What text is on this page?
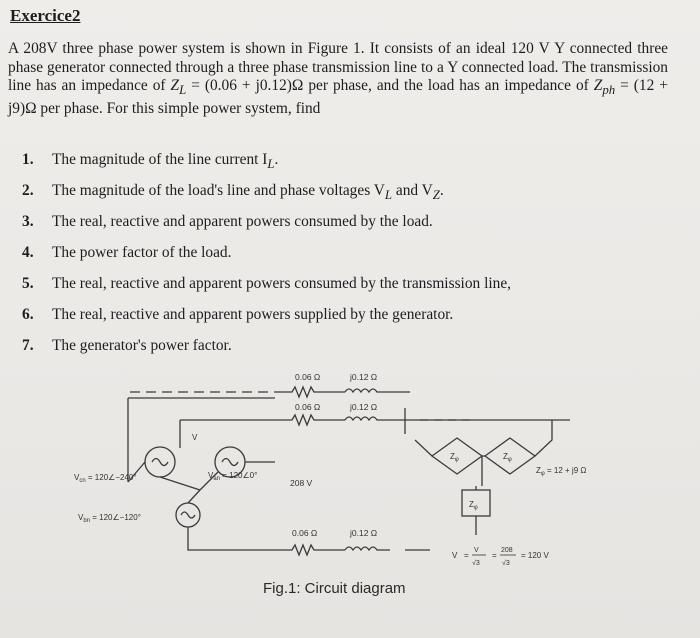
Exercice2
A 208V three phase power system is shown in Figure 1. It consists of an ideal 120 V Y connected three phase generator connected through a three phase transmission line to a Y connected load. The transmission line has an impedance of $Z_L = (0.06 + j0.12)\Omega$ per phase, and the load has an impedance of $Z_{ph} = (12 + j9)\Omega$ per phase. For this simple power system, find
1. The magnitude of the line current $I_L$.
2. The magnitude of the load's line and phase voltages $V_L$ and $V_Z$.
3. The real, reactive and apparent powers consumed by the load.
4. The power factor of the load.
5. The real, reactive and apparent powers consumed by the transmission line,
6. The real, reactive and apparent powers supplied by the generator.
7. The generator's power factor.
0.06 Ω	j0.12 Ω
0.06 Ω	j0.12 Ω
0.06 Ω	j0.12 Ω
$V_{cn}$ = 120∠−240°	$V_{an}$ = 120∠0°
$V_{bn}$ = 120∠−120°
208 V
V
$Z_\varphi$	$Z_\varphi$
$Z_\varphi$
$Z_\varphi = 12 + j9$ Ω
V =
V
√3
=
208
√3
= 120 V
Fig.1: Circuit diagram
